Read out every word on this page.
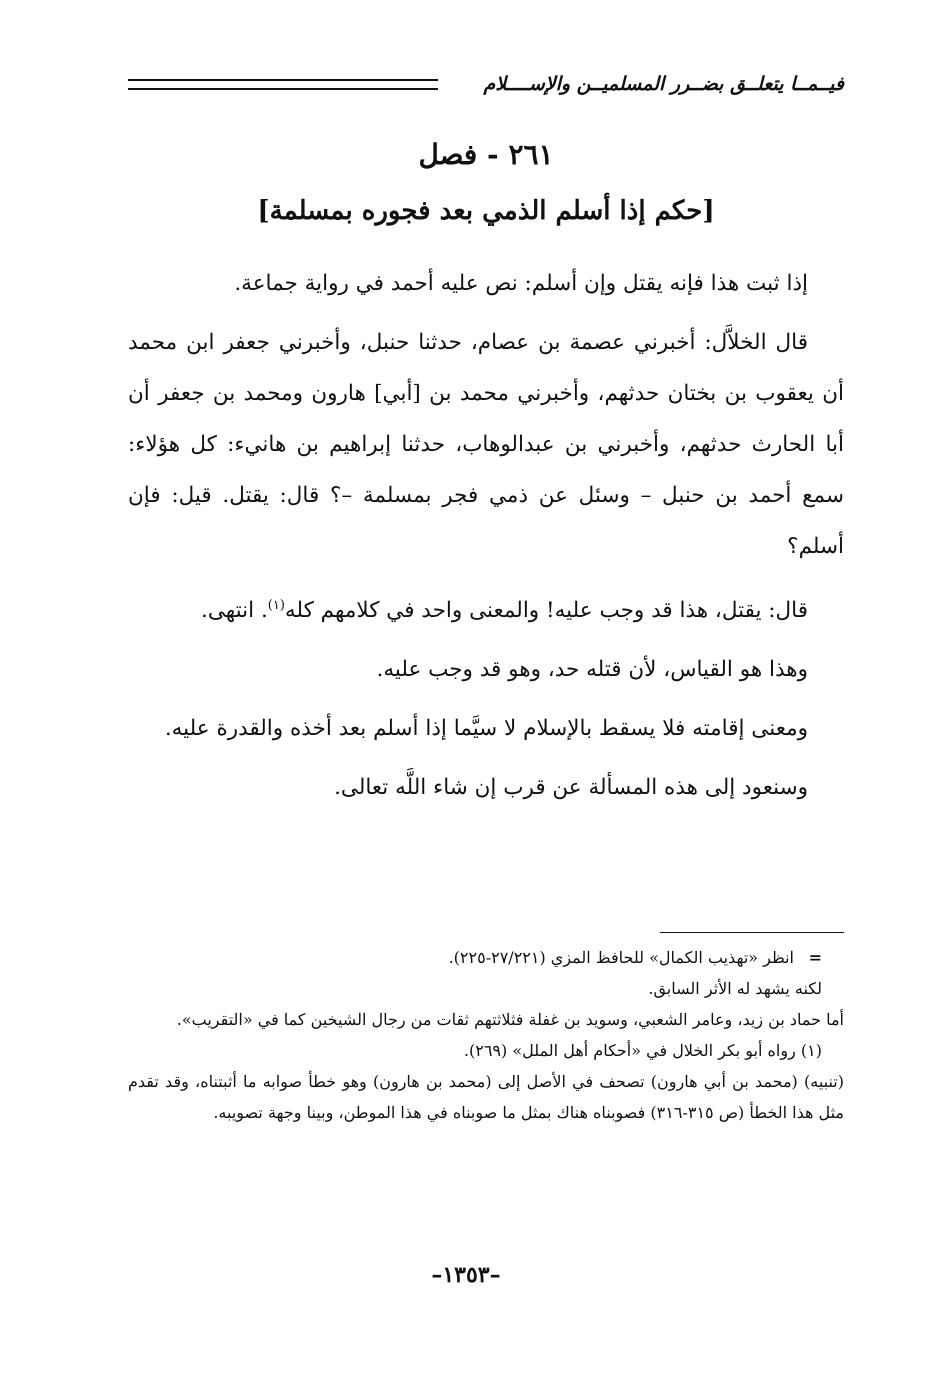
فيــمــا يتعلــق بضــرر المسلميــن والإســــلام
٢٦١ - فصل
[حكم إذا أسلم الذمي بعد فجوره بمسلمة]

إذا ثبت هذا فإنه يقتل وإن أسلم: نص عليه أحمد في رواية جماعة.

قال الخلاَّل: أخبرني عصمة بن عصام، حدثنا حنبل، وأخبرني جعفر ابن محمد أن يعقوب بن بختان حدثهم، وأخبرني محمد بن [أبي] هارون ومحمد بن جعفر أن أبا الحارث حدثهم، وأخبرني بن عبدالوهاب، حدثنا إبراهيم بن هانيء: كل هؤلاء: سمع أحمد بن حنبل – وسئل عن ذمي فجر بمسلمة –؟ قال: يقتل. قيل: فإن أسلم؟

قال: يقتل، هذا قد وجب عليه! والمعنى واحد في كلامهم كله$^{(١)}$. انتهى.

وهذا هو القياس، لأن قتله حد، وهو قد وجب عليه.

ومعنى إقامته فلا يسقط بالإسلام لا سيَّما إذا أسلم بعد أخذه والقدرة عليه.

وسنعود إلى هذه المسألة عن قرب إن شاء اللَّه تعالى.

=انظر «تهذيب الكمال» للحافظ المزي (٢٧/٢٢١-٢٢٥).

لكنه يشهد له الأثر السابق.

أما حماد بن زيد، وعامر الشعبي، وسويد بن غفلة فثلاثتهم ثقات من رجال الشيخين كما في «التقريب».

(١) رواه أبو بكر الخلال في «أحكام أهل الملل» (٢٦٩).

(تنبيه) (محمد بن أبي هارون) تصحف في الأصل إلى (محمد بن هارون) وهو خطأ صوابه ما أثبتناه، وقد تقدم مثل هذا الخطأ (ص ٣١٥-٣١٦) فصوبناه هناك بمثل ما صوبناه في هذا الموطن، وبينا وجهة تصويبه.

–١٣٥٣–
